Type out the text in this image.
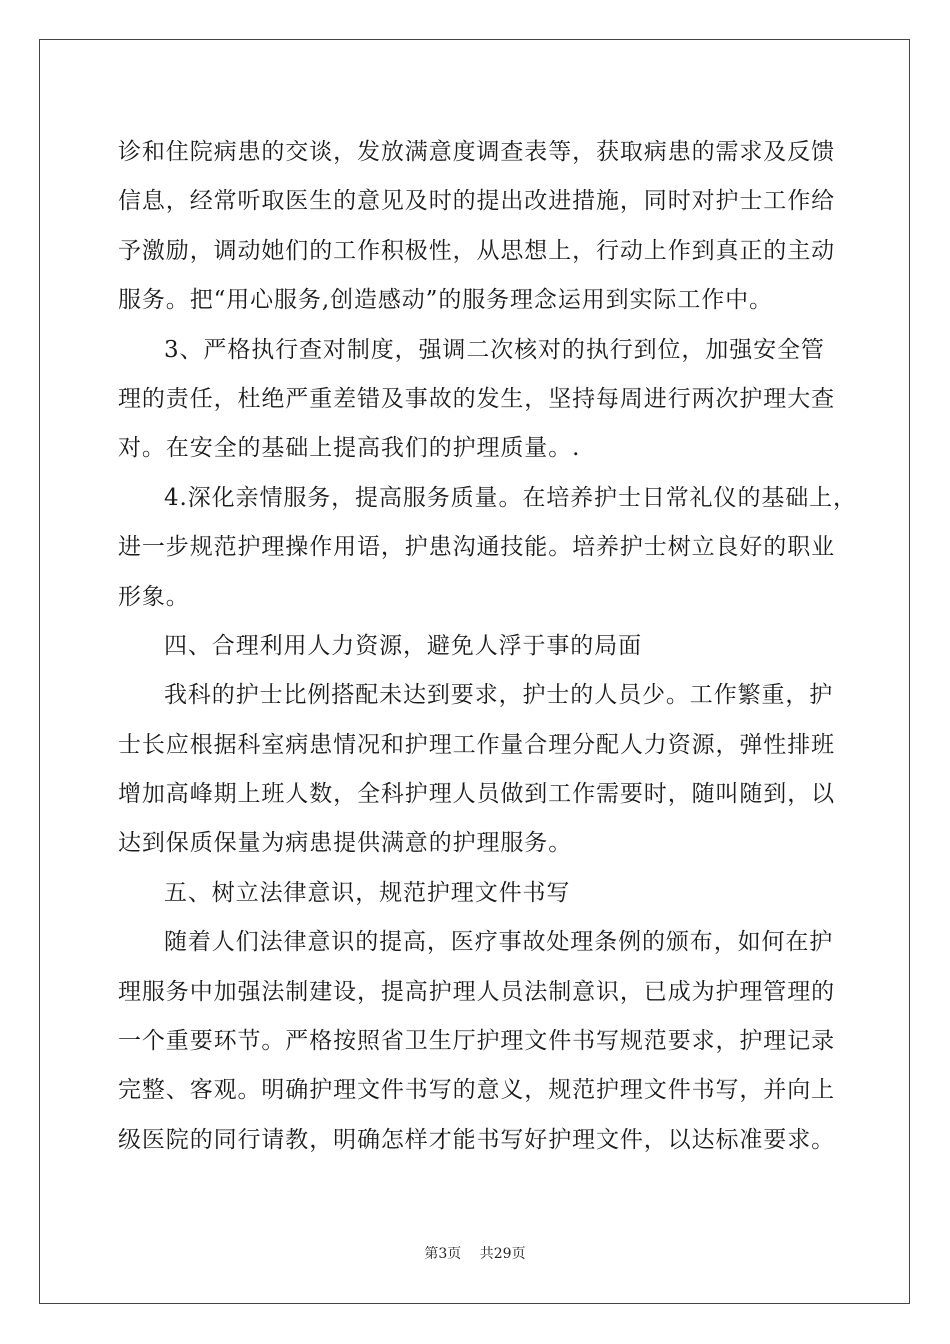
诊和住院病患的交谈，发放满意度调查表等，获取病患的需求及反馈
信息，经常听取医生的意见及时的提出改进措施，同时对护士工作给
予激励，调动她们的工作积极性，从思想上，行动上作到真正的主动
服务。把“用心服务,创造感动”的服务理念运用到实际工作中。
3、严格执行查对制度，强调二次核对的执行到位，加强安全管
理的责任，杜绝严重差错及事故的发生，坚持每周进行两次护理大查
对。在安全的基础上提高我们的护理质量。.
4.深化亲情服务，提高服务质量。在培养护士日常礼仪的基础上，
进一步规范护理操作用语，护患沟通技能。培养护士树立良好的职业
形象。
四、合理利用人力资源，避免人浮于事的局面
我科的护士比例搭配未达到要求，护士的人员少。工作繁重，护
士长应根据科室病患情况和护理工作量合理分配人力资源，弹性排班
增加高峰期上班人数，全科护理人员做到工作需要时，随叫随到，以
达到保质保量为病患提供满意的护理服务。
五、树立法律意识，规范护理文件书写
随着人们法律意识的提高，医疗事故处理条例的颁布，如何在护
理服务中加强法制建设，提高护理人员法制意识，已成为护理管理的
一个重要环节。严格按照省卫生厅护理文件书写规范要求，护理记录
完整、客观。明确护理文件书写的意义，规范护理文件书写，并向上
级医院的同行请教，明确怎样才能书写好护理文件，以达标准要求。
第3页 共29页
